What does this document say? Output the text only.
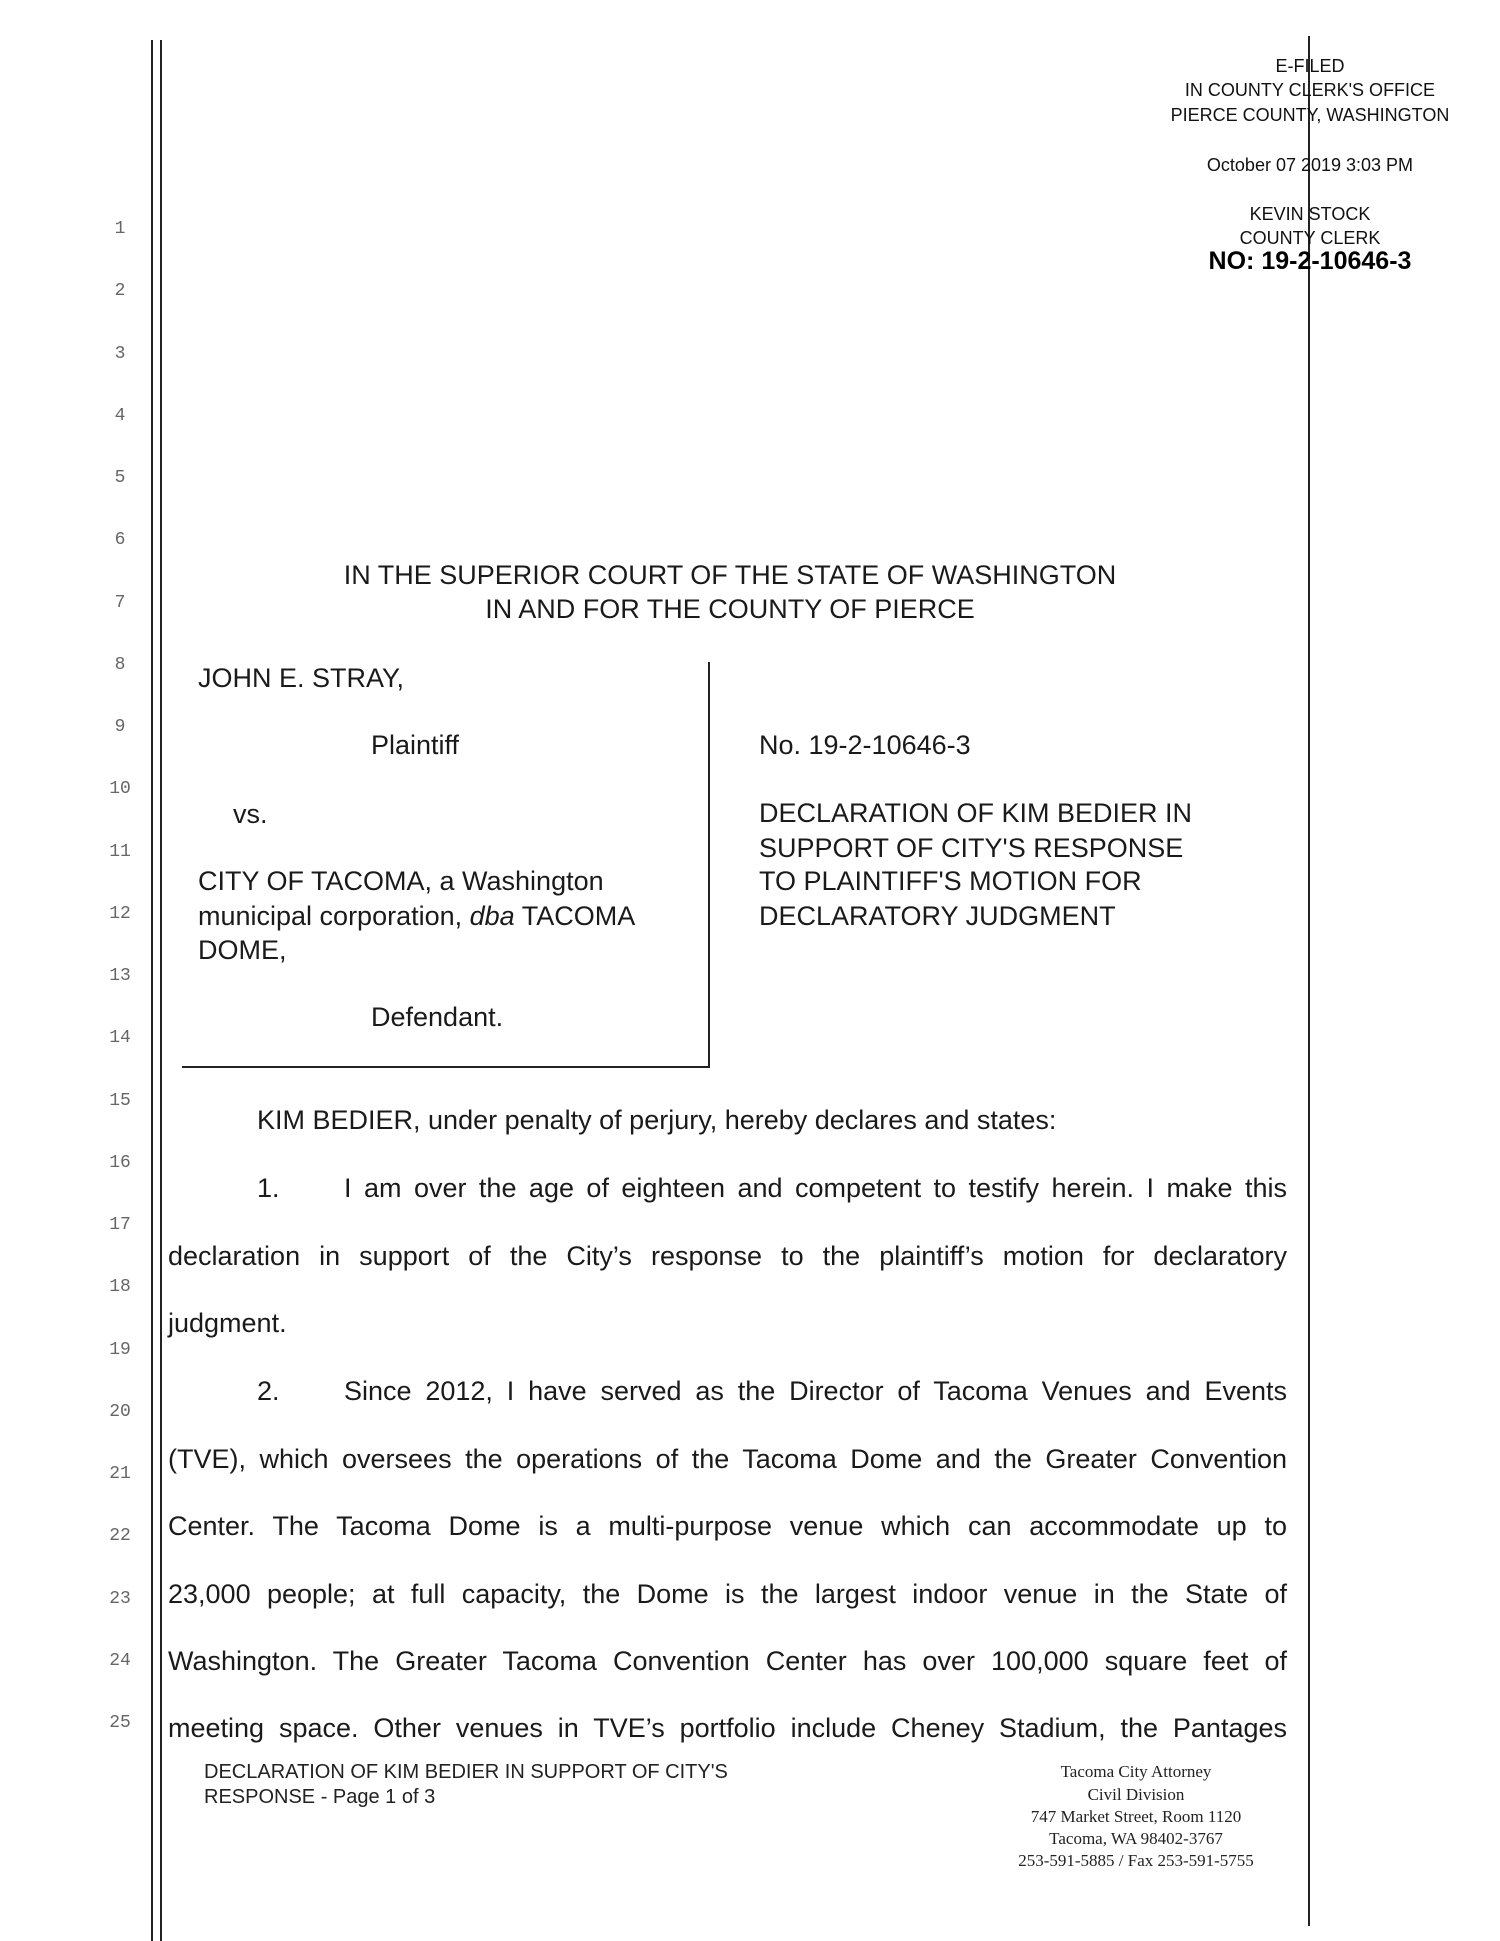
E-FILED
IN COUNTY CLERK'S OFFICE
PIERCE COUNTY, WASHINGTON
October 07 2019 3:03 PM
KEVIN STOCK
COUNTY CLERK
NO: 19-2-10646-3
1
2
3
4
5
6
7
8
9
10
11
12
13
14
15
16
17
18
19
20
21
22
23
24
25
IN THE SUPERIOR COURT OF THE STATE OF WASHINGTON
IN AND FOR THE COUNTY OF PIERCE
JOHN E. STRAY,
Plaintiff
vs.
CITY OF TACOMA, a Washington
municipal corporation, dba TACOMA
DOME,
Defendant.
No. 19-2-10646-3
DECLARATION OF KIM BEDIER IN
SUPPORT OF CITY'S RESPONSE
TO PLAINTIFF'S MOTION FOR
DECLARATORY JUDGMENT
KIM BEDIER, under penalty of perjury, hereby declares and states:
1. I am over the age of eighteen and competent to testify herein. I make this
declaration in support of the City’s response to the plaintiff’s motion for declaratory
judgment.
2. Since 2012, I have served as the Director of Tacoma Venues and Events
(TVE), which oversees the operations of the Tacoma Dome and the Greater Convention
Center. The Tacoma Dome is a multi-purpose venue which can accommodate up to
23,000 people; at full capacity, the Dome is the largest indoor venue in the State of
Washington. The Greater Tacoma Convention Center has over 100,000 square feet of
meeting space. Other venues in TVE’s portfolio include Cheney Stadium, the Pantages
DECLARATION OF KIM BEDIER IN SUPPORT OF CITY'S
RESPONSE - Page 1 of 3
Tacoma City Attorney
Civil Division
747 Market Street, Room 1120
Tacoma, WA 98402-3767
253-591-5885 / Fax 253-591-5755
